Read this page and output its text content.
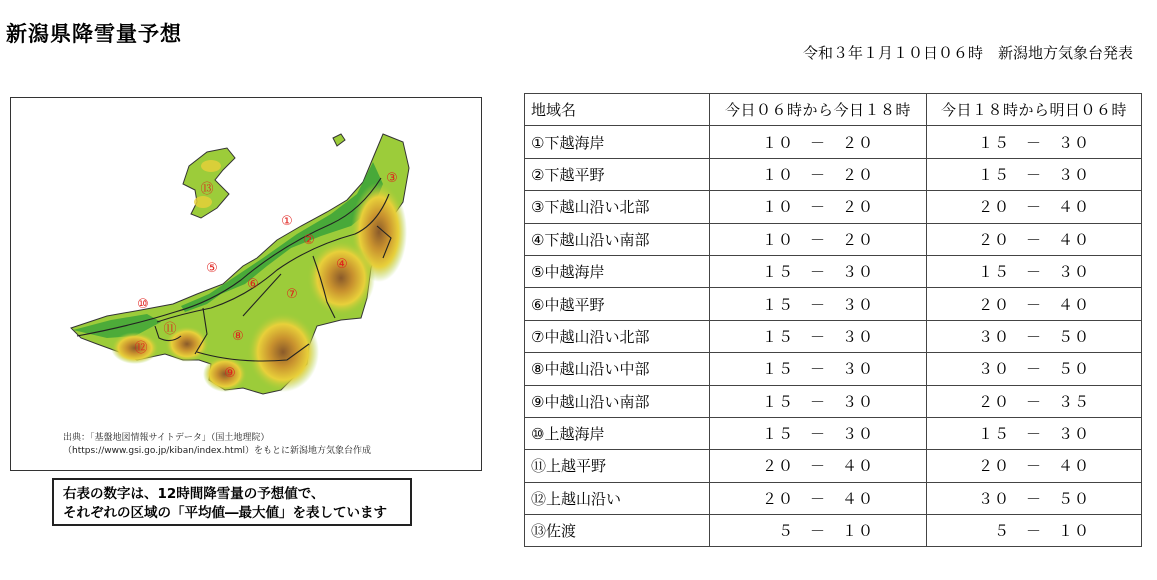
新潟県降雪量予想
令和３年１月１０日０６時　新潟地方気象台発表
①
②
③
④
⑤
⑥
⑦
⑧
⑨
⑩
⑪
⑫
⑬
出典：「基盤地図情報サイトデータ」（国土地理院）
（https://www.gsi.go.jp/kiban/index.html）をもとに新潟地方気象台作成
右表の数字は、12時間降雪量の予想値で、
それぞれの区域の「平均値―最大値」を表しています
地域名	今日０６時から今日１８時	今日１８時から明日０６時
①下越海岸	１０　－　２０	１５　－　３０
②下越平野	１０　－　２０	１５　－　３０
③下越山沿い北部	１０　－　２０	２０　－　４０
④下越山沿い南部	１０　－　２０	２０　－　４０
⑤中越海岸	１５　－　３０	１５　－　３０
⑥中越平野	１５　－　３０	２０　－　４０
⑦中越山沿い北部	１５　－　３０	３０　－　５０
⑧中越山沿い中部	１５　－　３０	３０　－　５０
⑨中越山沿い南部	１５　－　３０	２０　－　３５
⑩上越海岸	１５　－　３０	１５　－　３０
⑪上越平野	２０　－　４０	２０　－　４０
⑫上越山沿い	２０　－　４０	３０　－　５０
⑬佐渡	　５　－　１０	　５　－　１０
